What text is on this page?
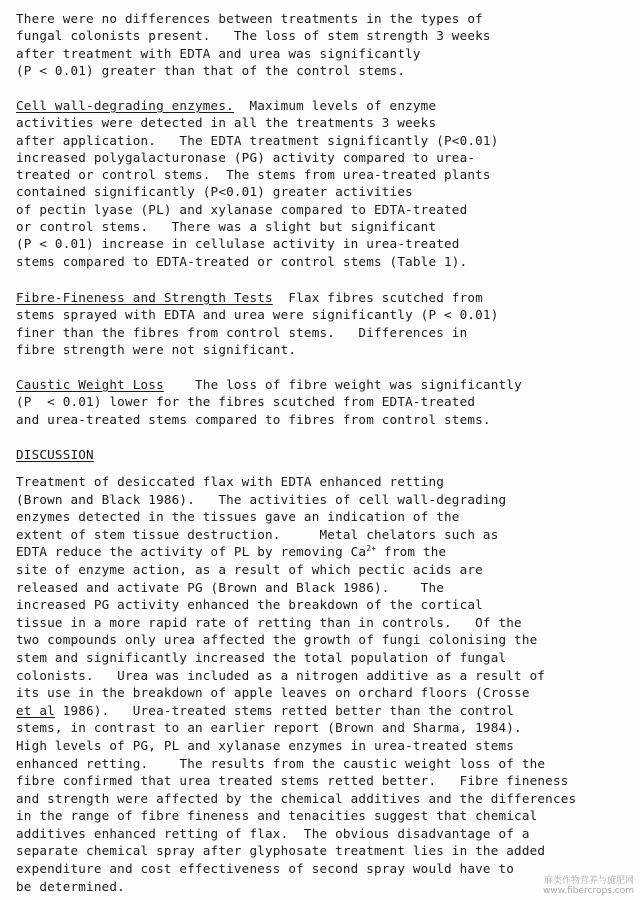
There were no differences between treatments in the types of
fungal colonists present.   The loss of stem strength 3 weeks
after treatment with EDTA and urea was significantly
(P < 0.01) greater than that of the control stems.

Cell wall-degrading enzymes.  Maximum levels of enzyme
activities were detected in all the treatments 3 weeks
after application.   The EDTA treatment significantly (P<0.01)
increased polygalacturonase (PG) activity compared to urea-
treated or control stems.  The stems from urea-treated plants
contained significantly (P<0.01) greater activities
of pectin lyase (PL) and xylanase compared to EDTA-treated
or control stems.   There was a slight but significant
(P < 0.01) increase in cellulase activity in urea-treated
stems compared to EDTA-treated or control stems (Table 1).

Fibre-Fineness and Strength Tests  Flax fibres scutched from
stems sprayed with EDTA and urea were significantly (P < 0.01)
finer than the fibres from control stems.   Differences in
fibre strength were not significant.

Caustic Weight Loss    The loss of fibre weight was significantly
(P  < 0.01) lower for the fibres scutched from EDTA-treated
and urea-treated stems compared to fibres from control stems.

DISCUSSION

Treatment of desiccated flax with EDTA enhanced retting
(Brown and Black 1986).   The activities of cell wall-degrading
enzymes detected in the tissues gave an indication of the
extent of stem tissue destruction.     Metal chelators such as
EDTA reduce the activity of PL by removing $Ca^{2+}$ from the
site of enzyme action, as a result of which pectic acids are
released and activate PG (Brown and Black 1986).    The
increased PG activity enhanced the breakdown of the cortical
tissue in a more rapid rate of retting than in controls.   Of the
two compounds only urea affected the growth of fungi colonising the
stem and significantly increased the total population of fungal
colonists.   Urea was included as a nitrogen additive as a result of
its use in the breakdown of apple leaves on orchard floors (Crosse
et al 1986).   Urea-treated stems retted better than the control
stems, in contrast to an earlier report (Brown and Sharma, 1984).
High levels of PG, PL and xylanase enzymes in urea-treated stems
enhanced retting.    The results from the caustic weight loss of the
fibre confirmed that urea treated stems retted better.   Fibre fineness
and strength were affected by the chemical additives and the differences
in the range of fibre fineness and tenacities suggest that chemical
additives enhanced retting of flax.  The obvious disadvantage of a
separate chemical spray after glyphosate treatment lies in the added
expenditure and cost effectiveness of second spray would have to
be determined.	麻类作物营养与施肥网
www.fibercrops.com
